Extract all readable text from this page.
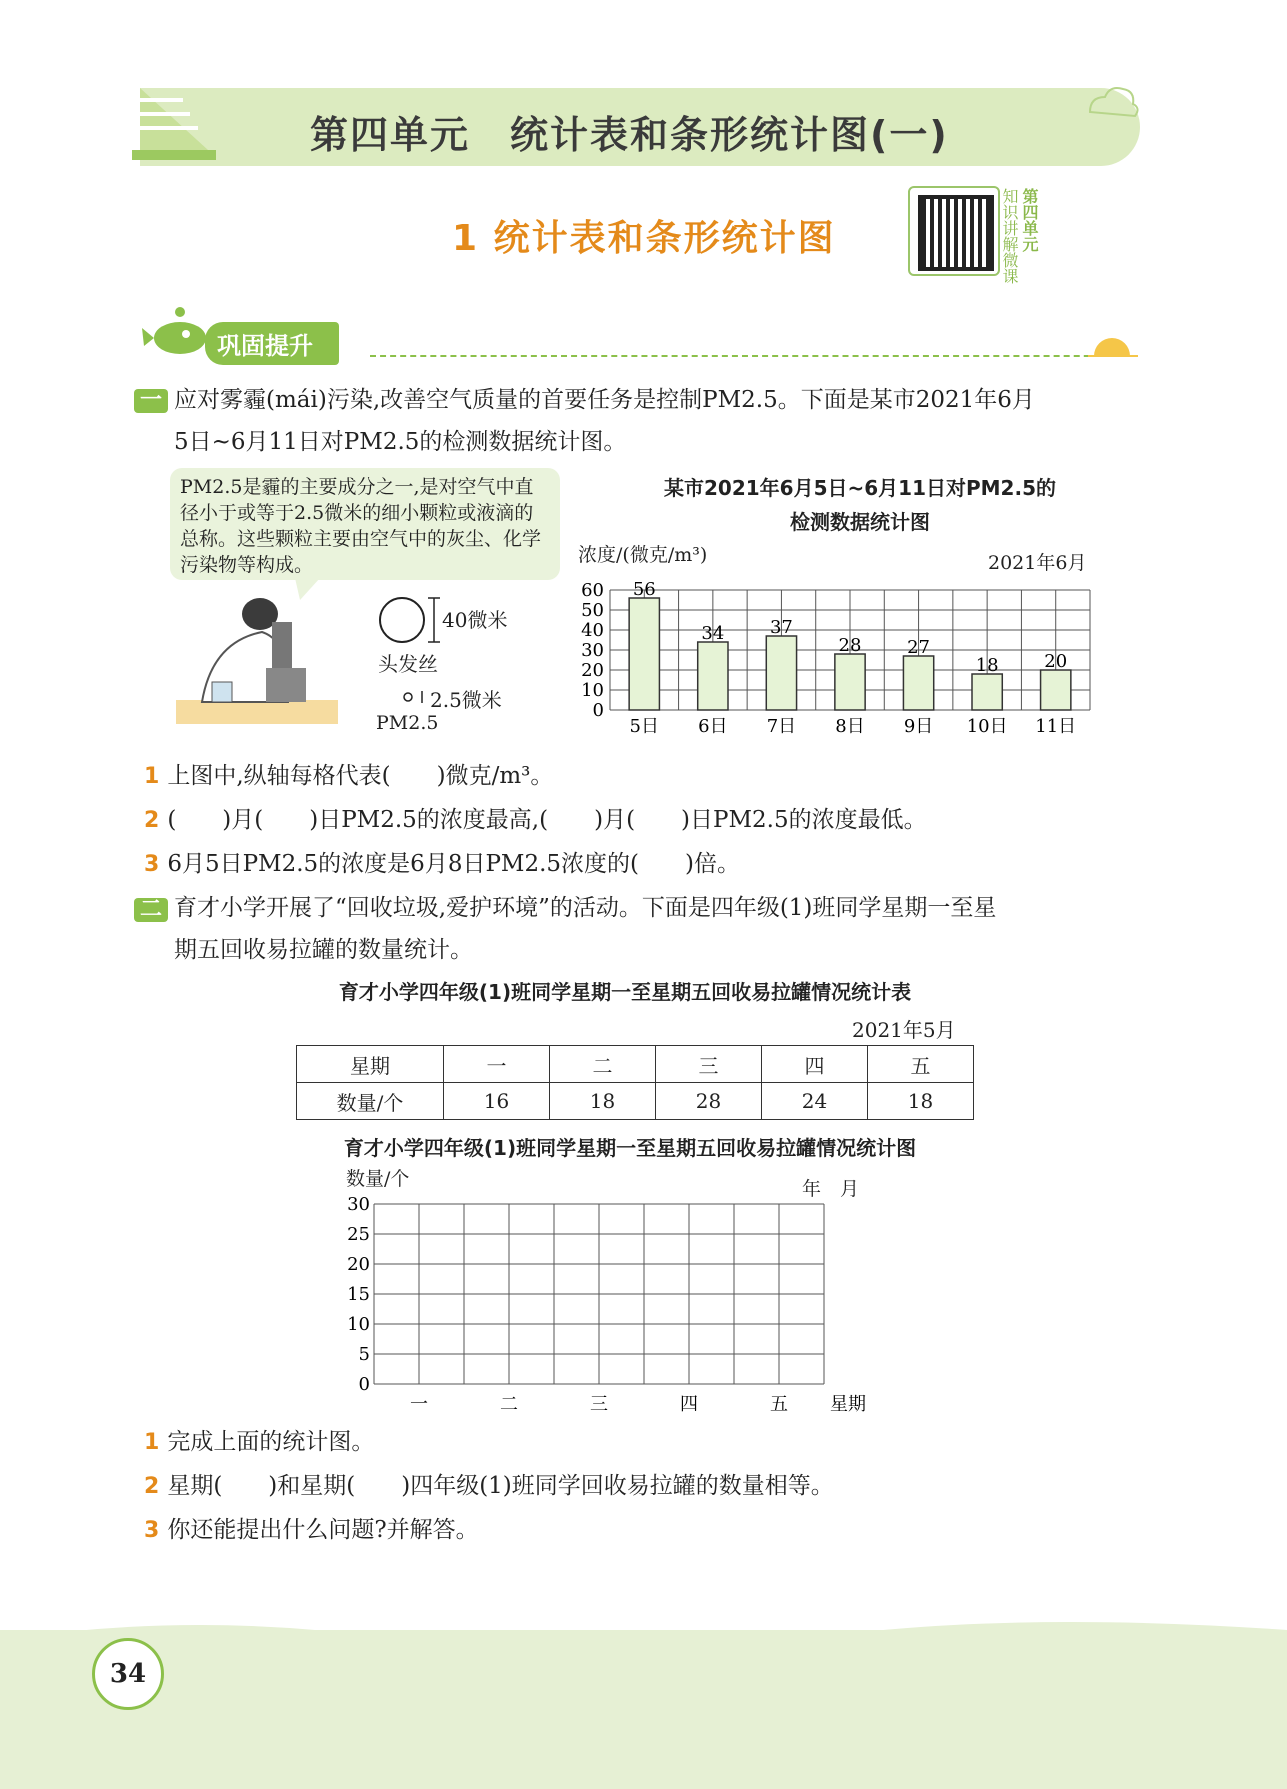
第四单元　统计表和条形统计图(一)
1 统计表和条形统计图	知识讲解微课 第四单元
巩固提升
一 应对雾霾(mái)污染,改善空气质量的首要任务是控制PM2.5。下面是某市2021年6月
5日~6月11日对PM2.5的检测数据统计图。
PM2.5是霾的主要成分之一,是对空气中直径小于或等于2.5微米的细小颗粒或液滴的总称。这些颗粒主要由空气中的灰尘、化学污染物等构成。
40微米
头发丝
2.5微米
PM2.5
某市2021年6月5日~6月11日对PM2.5的
检测数据统计图
浓度/(微克/m³)	2021年6月
0
10
20
30
40
50
60 56
5日
34
6日
37
7日
28
8日
27
9日
18
10日
20
11日
1 上图中,纵轴每格代表(　　)微克/m³。
2 (　　)月(　　)日PM2.5的浓度最高,(　　)月(　　)日PM2.5的浓度最低。
3 6月5日PM2.5的浓度是6月8日PM2.5浓度的(　　)倍。
二 育才小学开展了“回收垃圾,爱护环境”的活动。下面是四年级(1)班同学星期一至星
期五回收易拉罐的数量统计。
育才小学四年级(1)班同学星期一至星期五回收易拉罐情况统计表
2021年5月
星期	一	二	三	四	五
数量/个	16	18	28	24	18
育才小学四年级(1)班同学星期一至星期五回收易拉罐情况统计图
数量/个	年　月
0
5
10
15
20
25
30
一	二	三	四	五 星期
1 完成上面的统计图。
2 星期(　　)和星期(　　)四年级(1)班同学回收易拉罐的数量相等。
3 你还能提出什么问题?并解答。
34
